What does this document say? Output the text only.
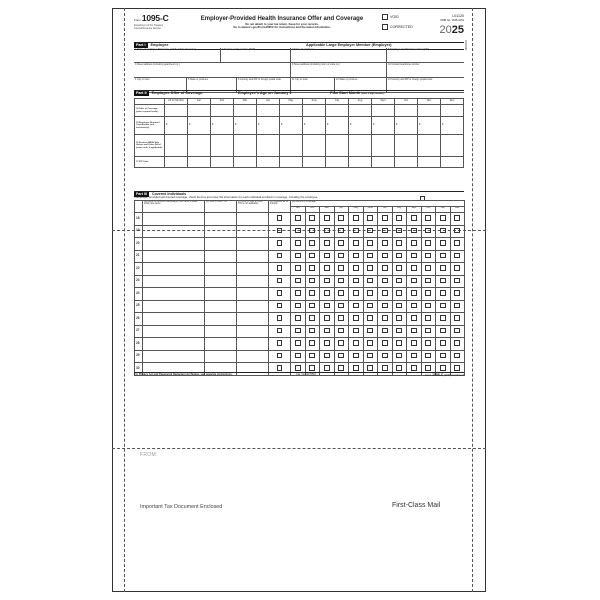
Form 1095-C
Department of the Treasury
Internal Revenue Service
Employer-Provided Health Insurance Offer and Coverage
Do not attach to your tax return. Keep for your records.
Go to www.irs.gov/Form1095C for instructions and the latest information.
VOID
CORRECTED
L01120
OMB No. 1545-2251
2025
Part I Employee	Applicable Large Employer Member (Employer)
1 Name of employee (first name, middle initial, last name)	2 Social security number (SSN)	7 Name of employer	8 Employer identification number (EIN)
3 Street address (including apartment no.)	9 Street address (including room or suite no.)	10 Contact telephone number
4 City or town	5 State or province	6 Country and ZIP or foreign postal code	11 City or town	12 State or province	13 Country and ZIP or foreign postal code
Part II Employee Offer of Coverage	Employee's Age on January 1	Plan Start Month (enter 2-digit number):
	All 12 Months	Jan	Feb	Mar	Apr	May	June	July	Aug	Sept	Oct	Nov	Dec
14 Offer of Coverage (enter required code)													
15 Employee Required Contribution (see instructions)	$	$	$	$	$	$	$	$	$	$	$	$	$
16 Section 4980H Safe Harbor and Other Relief (enter code, if applicable)													
17 ZIP Code													
Part III Covered Individuals
If Employer provided self-insured coverage, check the box and enter the information for each individual enrolled in coverage, including the employee.
	(a) Name of covered individual(s) First name, middle initial, last name	(b) SSN or other TIN	(c) DOB (if SSN or other TIN is not available)	(d) Covered all 12 months	(e) Months of coverage											
					Jan	Feb	Mar	Apr	May	June	July	Aug	Sept	Oct	Nov	Dec
18																
19																
20																
21																
22																
23																
24																
25																
26																
27																
28																
29																
30																
For Privacy Act and Paperwork Reduction Act Notice, see separate instructions.	Cat. No. 60705M	Form 1095-C (2025) Continued
P01090
FROM:
Important Tax Document Enclosed	First-Class Mail
